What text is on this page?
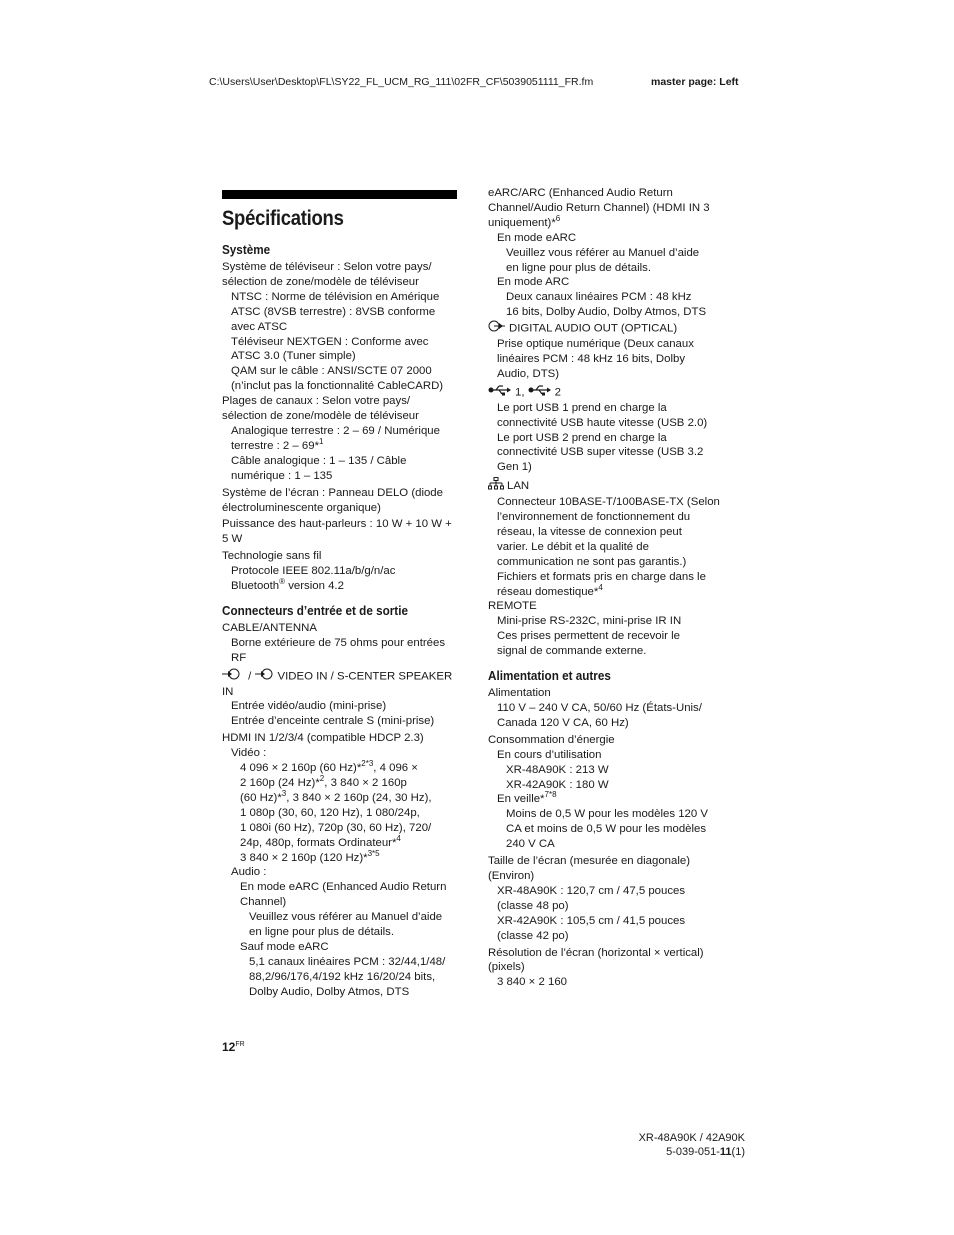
C:\Users\User\Desktop\FL\SY22_FL_UCM_RG_111\02FR_CF\5039051111_FR.fm	master page: Left
Spécifications
Système
Système de téléviseur : Selon votre pays/
sélection de zone/modèle de téléviseur
NTSC : Norme de télévision en Amérique
ATSC (8VSB terrestre) : 8VSB conforme
avec ATSC
Téléviseur NEXTGEN : Conforme avec
ATSC 3.0 (Tuner simple)
QAM sur le câble : ANSI/SCTE 07 2000
(n’inclut pas la fonctionnalité CableCARD)
Plages de canaux : Selon votre pays/
sélection de zone/modèle de téléviseur
Analogique terrestre : 2 – 69 / Numérique
terrestre : 2 – 69*$^1$
Câble analogique : 1 – 135 / Câble
numérique : 1 – 135
Système de l’écran : Panneau DELO (diode
électroluminescente organique)
Puissance des haut-parleurs : 10 W + 10 W +
5 W
Technologie sans fil
Protocole IEEE 802.11a/b/g/n/ac
Bluetooth® version 4.2
Connecteurs d’entrée et de sortie
CABLE/ANTENNA
Borne extérieure de 75 ohms pour entrées
RF
/ VIDEO IN / S-CENTER SPEAKER IN
Entrée vidéo/audio (mini-prise)
Entrée d’enceinte centrale S (mini-prise)
HDMI IN 1/2/3/4 (compatible HDCP 2.3)
Vidéo :
4 096 × 2 160p (60 Hz)*$^{2*3}$, 4 096 ×
2 160p (24 Hz)*$^2$, 3 840 × 2 160p
(60 Hz)*$^3$, 3 840 × 2 160p (24, 30 Hz),
1 080p (30, 60, 120 Hz), 1 080/24p,
1 080i (60 Hz), 720p (30, 60 Hz), 720/
24p, 480p, formats Ordinateur*$^4$
3 840 × 2 160p (120 Hz)*$^{3*5}$
Audio :
En mode eARC (Enhanced Audio Return
Channel)
Veuillez vous référer au Manuel d’aide
en ligne pour plus de détails.
Sauf mode eARC
5,1 canaux linéaires PCM : 32/44,1/48/
88,2/96/176,4/192 kHz 16/20/24 bits,
Dolby Audio, Dolby Atmos, DTS
eARC/ARC (Enhanced Audio Return
Channel/Audio Return Channel) (HDMI IN 3
uniquement)*$^6$
En mode eARC
Veuillez vous référer au Manuel d’aide
en ligne pour plus de détails.
En mode ARC
Deux canaux linéaires PCM : 48 kHz
16 bits, Dolby Audio, Dolby Atmos, DTS
DIGITAL AUDIO OUT (OPTICAL)
Prise optique numérique (Deux canaux
linéaires PCM : 48 kHz 16 bits, Dolby
Audio, DTS)
1, 2
Le port USB 1 prend en charge la
connectivité USB haute vitesse (USB 2.0)
Le port USB 2 prend en charge la
connectivité USB super vitesse (USB 3.2
Gen 1)
LAN
Connecteur 10BASE-T/100BASE-TX (Selon
l’environnement de fonctionnement du
réseau, la vitesse de connexion peut
varier. Le débit et la qualité de
communication ne sont pas garantis.)
Fichiers et formats pris en charge dans le
réseau domestique*$^4$
REMOTE
Mini-prise RS-232C, mini-prise IR IN
Ces prises permettent de recevoir le
signal de commande externe.
Alimentation et autres
Alimentation
110 V – 240 V CA, 50/60 Hz (États-Unis/
Canada 120 V CA, 60 Hz)
Consommation d’énergie
En cours d’utilisation
XR-48A90K : 213 W
XR-42A90K : 180 W
En veille*$^{7*8}$
Moins de 0,5 W pour les modèles 120 V
CA et moins de 0,5 W pour les modèles
240 V CA
Taille de l’écran (mesurée en diagonale)
(Environ)
XR-48A90K : 120,7 cm / 47,5 pouces
(classe 48 po)
XR-42A90K : 105,5 cm / 41,5 pouces
(classe 42 po)
Résolution de l’écran (horizontal × vertical)
(pixels)
3 840 × 2 160
$12^{FR}$
XR-48A90K / 42A90K
5-039-051-11(1)
